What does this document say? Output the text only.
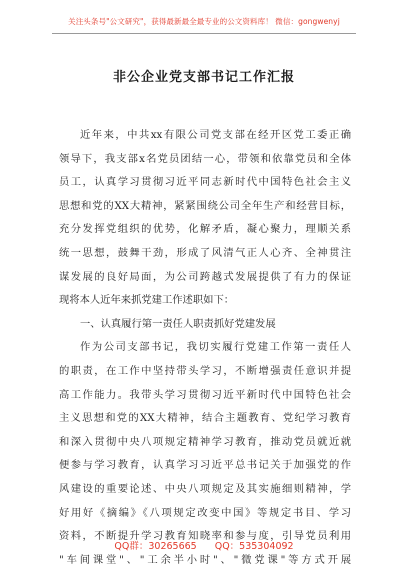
关注头条号"公文研究"，获得最新最全最专业的公文资料库！ 微信：gongwenyj
非公企业党支部书记工作汇报
近年来，中共xx有限公司党支部在经开区党工委正确
领导下，我支部x名党员团结一心，带领和依靠党员和全体
员工，认真学习贯彻习近平同志新时代中国特色社会主义
思想和党的XX大精神，紧紧围绕公司全年生产和经营目标，
充分发挥党组织的优势，化解矛盾，凝心聚力，理顺关系
统一思想，鼓舞干劲，形成了风清气正人心齐、全神贯注
谋发展的良好局面，为公司跨越式发展提供了有力的保证
现将本人近年来抓党建工作述职如下：
一、认真履行第一责任人职责抓好党建发展
作为公司支部书记，我切实履行党建工作第一责任人
的职责，在工作中坚持带头学习，不断增强责任意识并提
高工作能力。我带头学习贯彻习近平新时代中国特色社会
主义思想和党的XX大精神，结合主题教育、党纪学习教育
和深入贯彻中央八项规定精神学习教育，推动党员就近就
便参与学习教育，认真学习习近平总书记关于加强党的作
风建设的重要论述、中央八项规定及其实施细则精神，学
好用好《摘编》《八项规定改变中国》等规定书目、学习
资料，不断提升学习教育知晓率和参与度，引导党员利用
"车间课堂"、"工余半小时"、"微党课"等方式开展
QQ群：30265665 QQ：535304092
